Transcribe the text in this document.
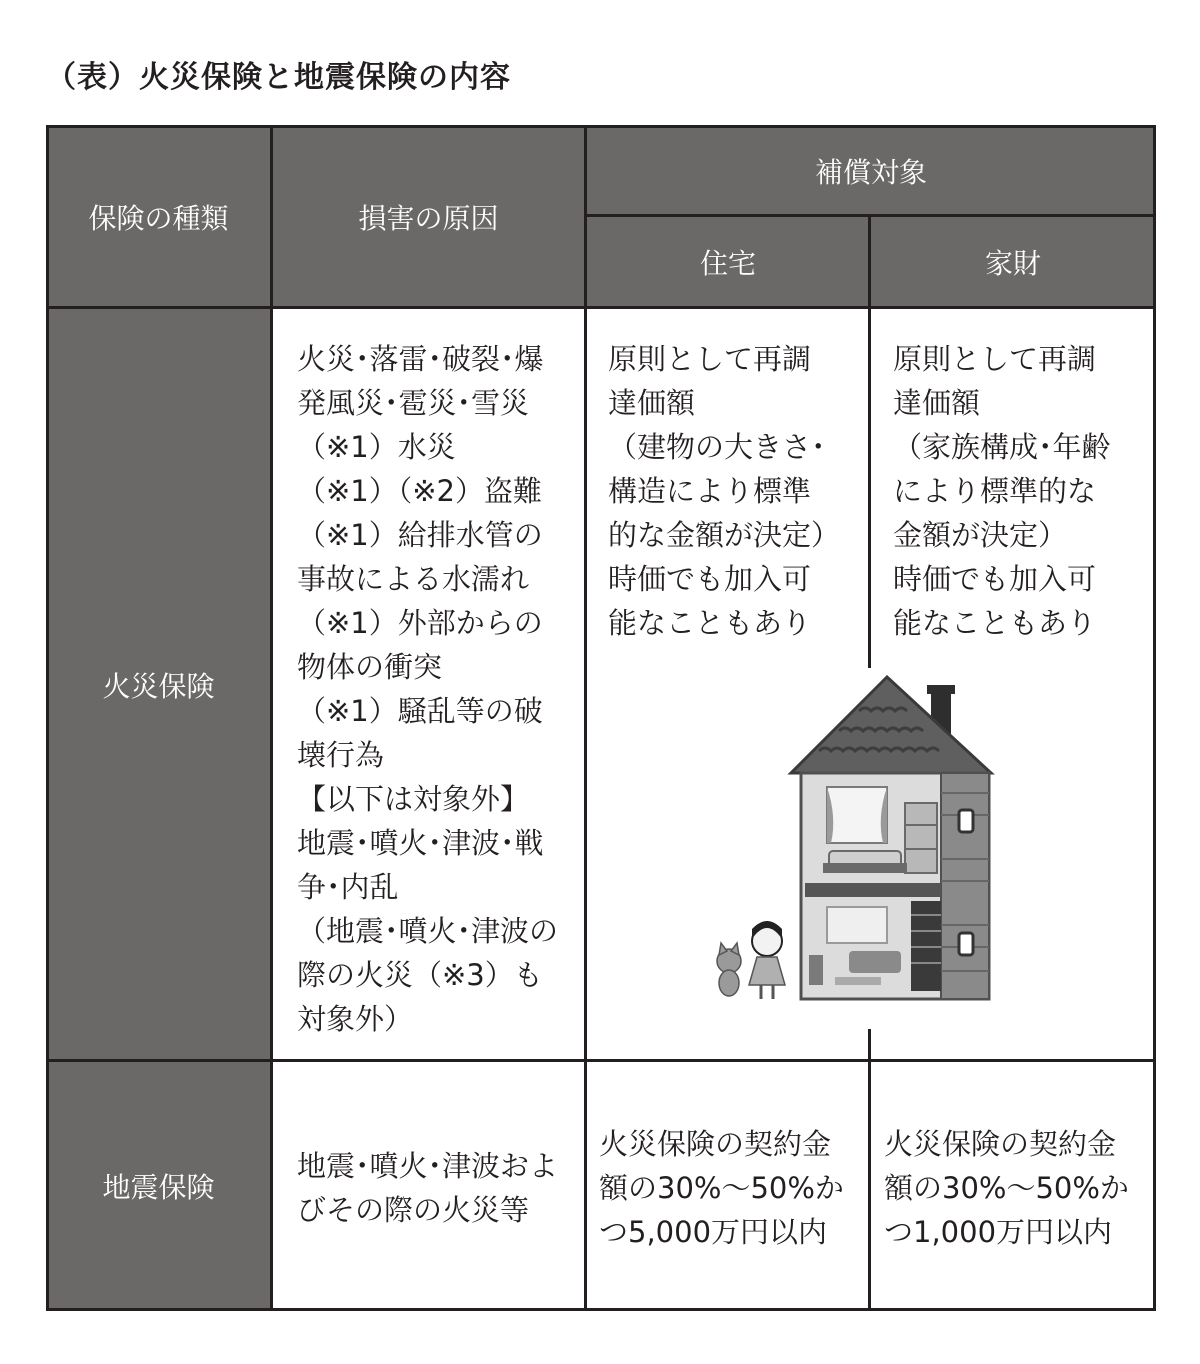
（表）火災保険と地震保険の内容
保険の種類	損害の原因
補償対象
住宅	家財
火災保険
火災･落雷･破裂･爆
発風災･雹災･雪災
（※1）水災
（※1）（※2）盗難
（※1）給排水管の
事故による水濡れ
（※1）外部からの
物体の衝突
（※1）騒乱等の破
壊行為
【以下は対象外】
地震･噴火･津波･戦
争･内乱
（地震･噴火･津波の
際の火災（※3）も
対象外）
原則として再調
達価額
（建物の大きさ･
構造により標準
的な金額が決定）
時価でも加入可
能なこともあり
原則として再調
達価額
（家族構成･年齢
により標準的な
金額が決定）
時価でも加入可
能なこともあり
地震保険
地震･噴火･津波およ
びその際の火災等
火災保険の契約金
額の30%～50%か
つ5,000万円以内
火災保険の契約金
額の30%～50%か
つ1,000万円以内
